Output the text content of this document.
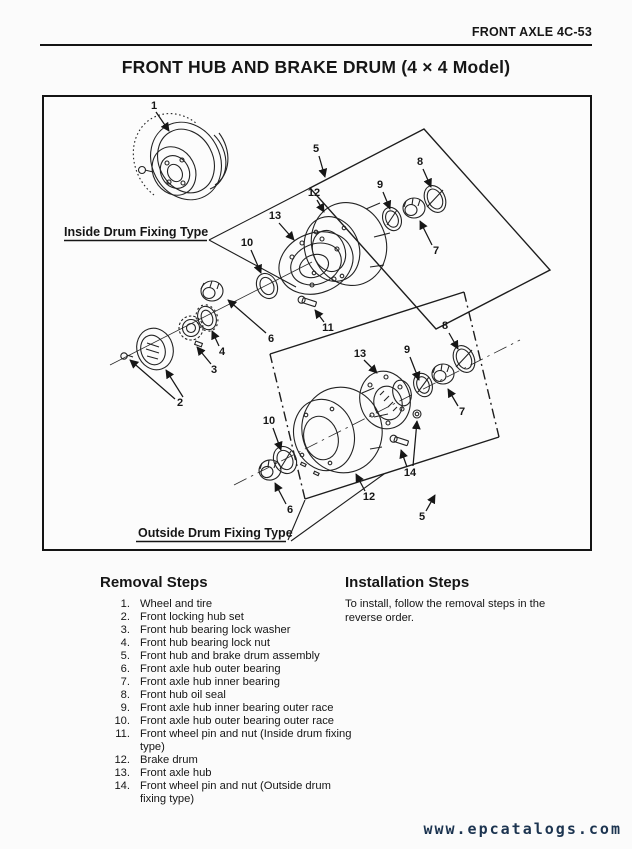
FRONT AXLE 4C-53
FRONT HUB AND BRAKE DRUM (4 × 4 Model)
1
Inside Drum Fixing Type
2
3
4
5
12
13
10
6
11
9
7
8
13	9
8
7
10
6
12
14
5
Outside Drum Fixing Type
Removal Steps
1. Wheel and tire
2. Front locking hub set
3. Front hub bearing lock washer
4. Front hub bearing lock nut
5. Front hub and brake drum assembly
6. Front axle hub outer bearing
7. Front axle hub inner bearing
8. Front hub oil seal
9. Front axle hub inner bearing outer race
10. Front axle hub outer bearing outer race
11. Front wheel pin and nut (Inside drum fixing type)
12. Brake drum
13. Front axle hub
14. Front wheel pin and nut (Outside drum fixing type)
Installation Steps
To install, follow the removal steps in the reverse order.
www.epcatalogs.com
